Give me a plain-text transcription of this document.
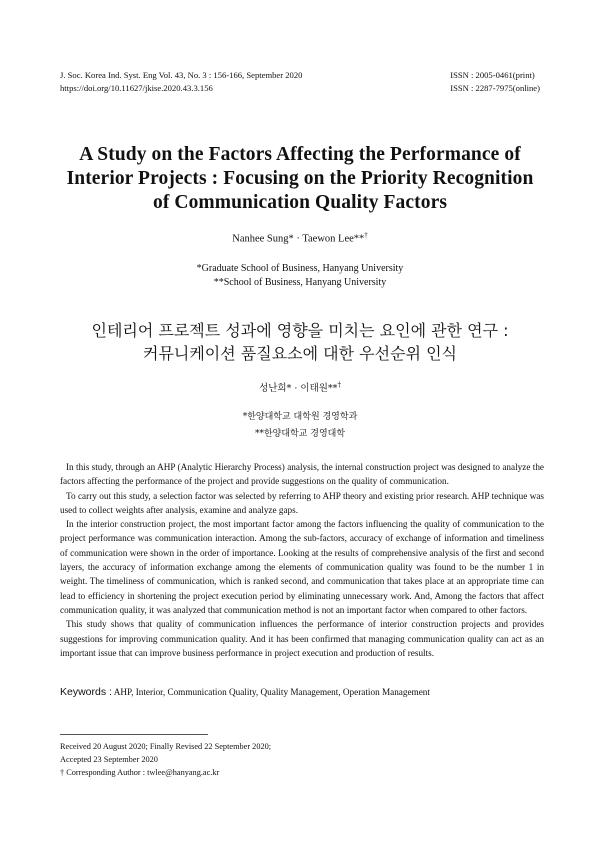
J. Soc. Korea Ind. Syst. Eng Vol. 43, No. 3 : 156-166, September 2020
https://doi.org/10.11627/jkise.2020.43.3.156
ISSN : 2005-0461(print)
ISSN : 2287-7975(online)
A Study on the Factors Affecting the Performance of
Interior Projects : Focusing on the Priority Recognition
of Communication Quality Factors
Nanhee Sung* · Taewon Lee**†
*Graduate School of Business, Hanyang University
**School of Business, Hanyang University
인테리어 프로젝트 성과에 영향을 미치는 요인에 관한 연구 :
커뮤니케이션 품질요소에 대한 우선순위 인식
성난희* · 이태원**†
*한양대학교 대학원 경영학과
**한양대학교 경영대학

In this study, through an AHP (Analytic Hierarchy Process) analysis, the internal construction project was designed to analyze the factors affecting the performance of the project and provide suggestions on the quality of communication.

To carry out this study, a selection factor was selected by referring to AHP theory and existing prior research. AHP technique was used to collect weights after analysis, examine and analyze gaps.

In the interior construction project, the most important factor among the factors influencing the quality of communication to the project performance was communication interaction. Among the sub-factors, accuracy of exchange of information and timeliness of communication were shown in the order of importance. Looking at the results of comprehensive analysis of the first and second layers, the accuracy of information exchange among the elements of communication quality was found to be the number 1 in weight. The timeliness of communication, which is ranked second, and communication that takes place at an appropriate time can lead to efficiency in shortening the project execution period by eliminating unnecessary work. And, Among the factors that affect communication quality, it was analyzed that communication method is not an important factor when compared to other factors.

This study shows that quality of communication influences the performance of interior construction projects and provides suggestions for improving communication quality. And it has been confirmed that managing communication quality can act as an important issue that can improve business performance in project execution and production of results.

Keywords : AHP, Interior, Communication Quality, Quality Management, Operation Management
Received 20 August 2020; Finally Revised 22 September 2020;
Accepted 23 September 2020
† Corresponding Author : twlee@hanyang.ac.kr
